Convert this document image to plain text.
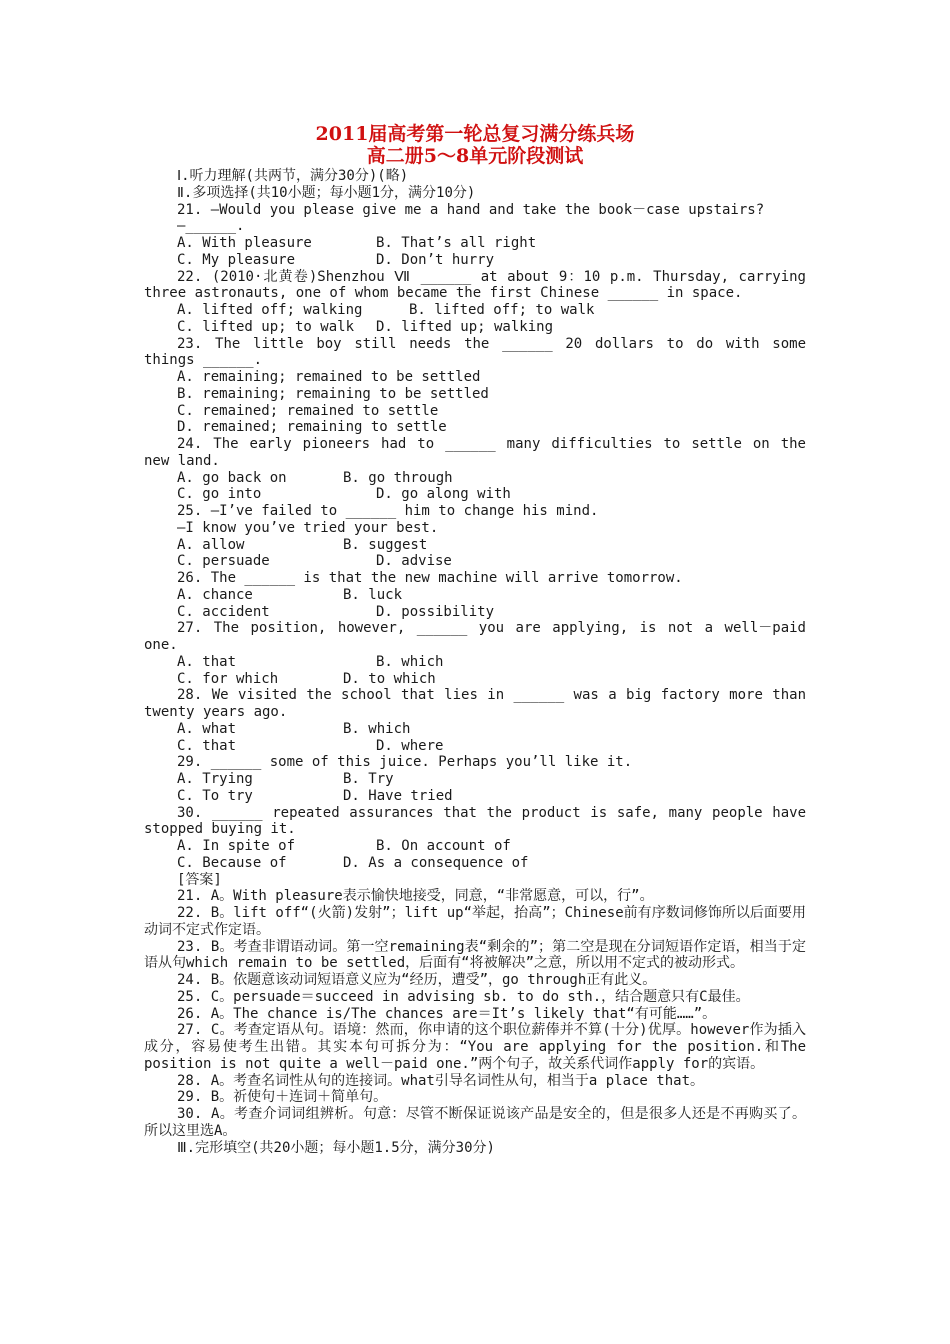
2011届高考第一轮总复习满分练兵场
高二册5～8单元阶段测试
Ⅰ.听力理解(共两节，满分30分)(略)
Ⅱ.多项选择(共10小题；每小题1分，满分10分)
21. —Would you please give me a hand and take the book－case upstairs?
—______.
A. With pleasure	B. That’s all right
C. My pleasure	D. Don’t hurry
22. (2010·北黄卷)Shenzhou Ⅶ ______ at about 9：10 p.m. Thursday, carrying three astronauts, one of whom became the first Chinese ______ in space.
A. lifted off; walking	B. lifted off; to walk
C. lifted up; to walk	D. lifted up; walking
23. The little boy still needs the ______ 20 dollars to do with some things ______.
A. remaining; remained to be settled
B. remaining; remaining to be settled
C. remained; remained to settle
D. remained; remaining to settle
24. The early pioneers had to ______ many difficulties to settle on the new land.
A. go back on	B. go through
C. go into	D. go along with
25. —I’ve failed to ______ him to change his mind.
—I know you’ve tried your best.
A. allow	B. suggest
C. persuade	D. advise
26. The ______ is that the new machine will arrive tomorrow.
A. chance	B. luck
C. accident	D. possibility
27. The position, however, ______ you are applying, is not a well－paid one.
A. that	B. which
C. for which	D. to which
28. We visited the school that lies in ______ was a big factory more than twenty years ago.
A. what	B. which
C. that	D. where
29. ______ some of this juice. Perhaps you’ll like it.
A. Trying	B. Try
C. To try	D. Have tried
30. ______ repeated assurances that the product is safe, many people have stopped buying it.
A. In spite of	B. On account of
C. Because of	D. As a consequence of
[答案]
21. A。With pleasure表示愉快地接受，同意，“非常愿意，可以，行”。
22. B。lift off“(火箭)发射”；lift up“举起，抬高”；Chinese前有序数词修饰所以后面要用动词不定式作定语。
23. B。考查非谓语动词。第一空remaining表“剩余的”；第二空是现在分词短语作定语，相当于定语从句which remain to be settled，后面有“将被解决”之意，所以用不定式的被动形式。
24. B。依题意该动词短语意义应为“经历，遭受”，go through正有此义。
25. C。persuade＝succeed in advising sb. to do sth.，结合题意只有C最佳。
26. A。The chance is/The chances are＝It’s likely that“有可能……”。
27. C。考查定语从句。语境：然而，你申请的这个职位薪俸并不算(十分)优厚。however作为插入成分，容易使考生出错。其实本句可拆分为：“You are applying for the position.和The position is not quite a well－paid one.”两个句子，故关系代词作apply for的宾语。
28. A。考查名词性从句的连接词。what引导名词性从句，相当于a place that。
29. B。祈使句＋连词＋简单句。
30. A。考查介词词组辨析。句意：尽管不断保证说该产品是安全的，但是很多人还是不再购买了。所以这里选A。
Ⅲ.完形填空(共20小题；每小题1.5分，满分30分)
